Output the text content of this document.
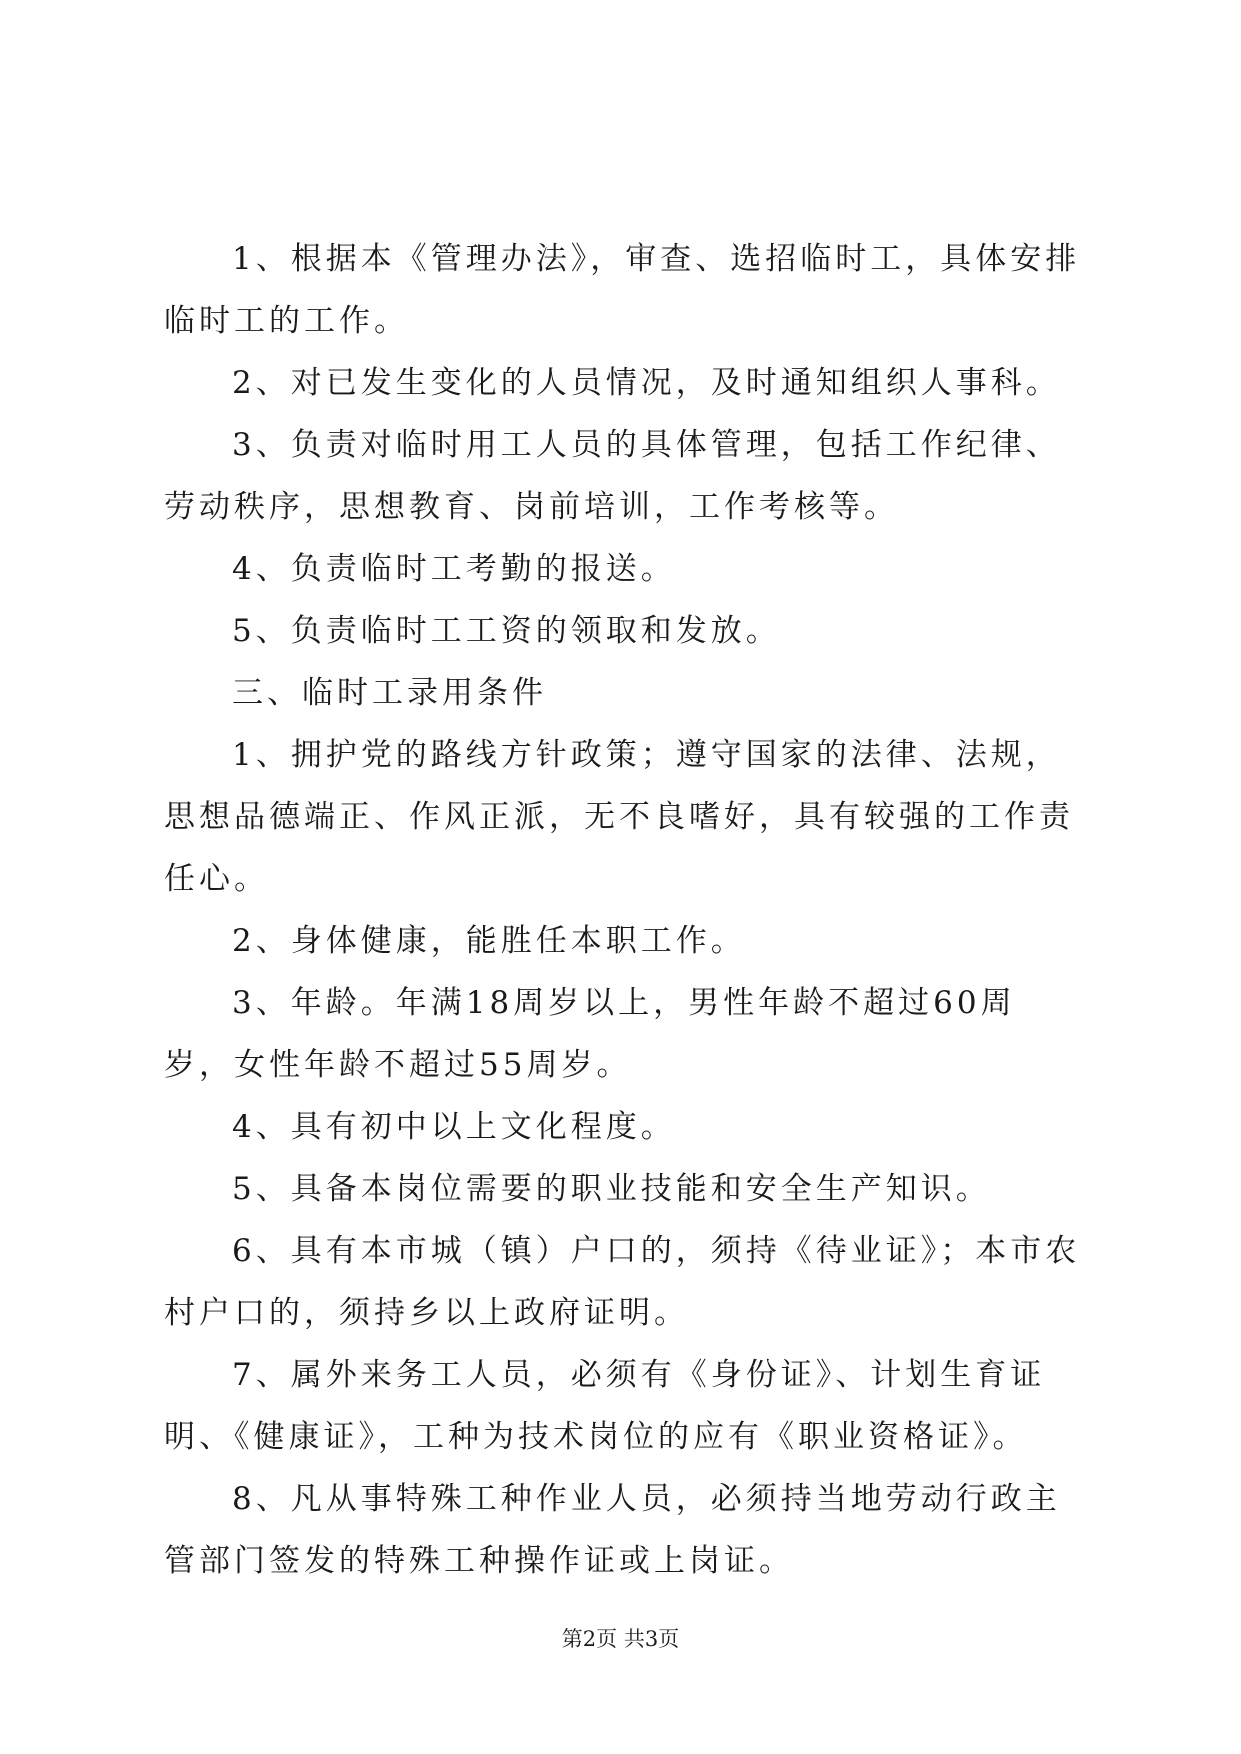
1、根据本《管理办法》，审查、选招临时工，具体安排临时工的工作。

2、对已发生变化的人员情况，及时通知组织人事科。

3、负责对临时用工人员的具体管理，包括工作纪律、劳动秩序，思想教育、岗前培训，工作考核等。

4、负责临时工考勤的报送。

5、负责临时工工资的领取和发放。

三、临时工录用条件

1、拥护党的路线方针政策；遵守国家的法律、法规，思想品德端正、作风正派，无不良嗜好，具有较强的工作责任心。

2、身体健康，能胜任本职工作。

3、年龄。年满18周岁以上，男性年龄不超过60周岁，女性年龄不超过55周岁。

4、具有初中以上文化程度。

5、具备本岗位需要的职业技能和安全生产知识。

6、具有本市城（镇）户口的，须持《待业证》；本市农村户口的，须持乡以上政府证明。

7、属外来务工人员，必须有《身份证》、计划生育证明、《健康证》，工种为技术岗位的应有《职业资格证》。

8、凡从事特殊工种作业人员，必须持当地劳动行政主管部门签发的特殊工种操作证或上岗证。

第2页 共3页
